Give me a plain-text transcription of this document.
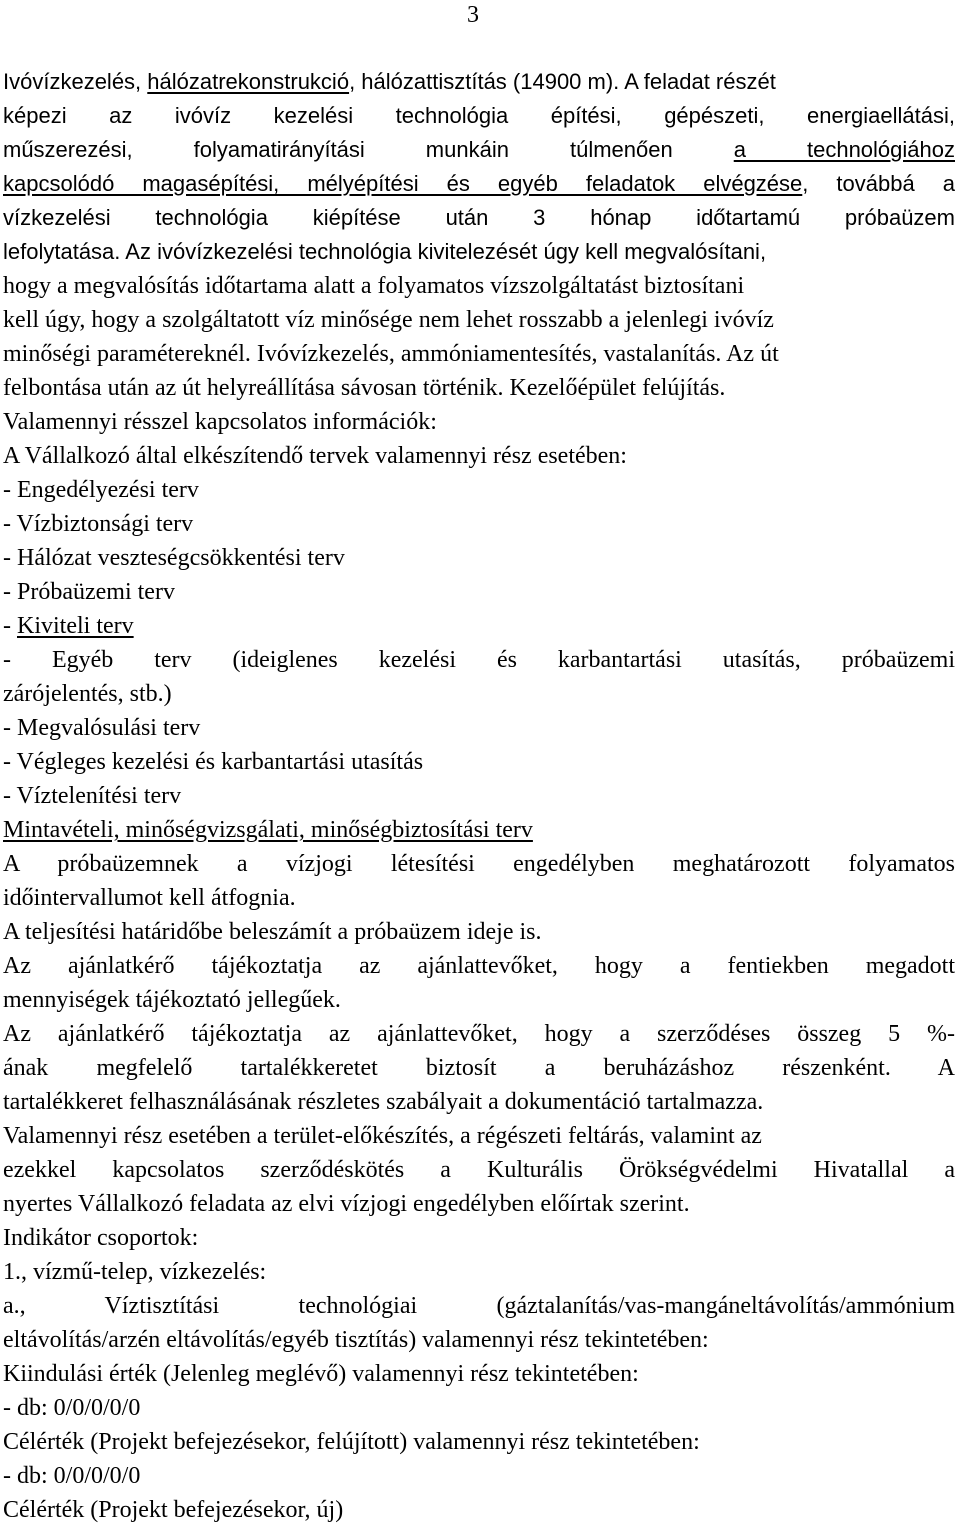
3
Ivóvízkezelés, hálózatrekonstrukció, hálózattisztítás (14900 m). A feladat részét
képezi az ivóvíz kezelési technológia építési, gépészeti, energiaellátási,
műszerezési, folyamatirányítási munkáin túlmenően a technológiához
kapcsolódó magasépítési, mélyépítési és egyéb feladatok elvégzése, továbbá a
vízkezelési technológia kiépítése után 3 hónap időtartamú próbaüzem
lefolytatása. Az ivóvízkezelési technológia kivitelezését úgy kell megvalósítani,
hogy a megvalósítás időtartama alatt a folyamatos vízszolgáltatást biztosítani
kell úgy, hogy a szolgáltatott víz minősége nem lehet rosszabb a jelenlegi ivóvíz
minőségi paramétereknél. Ivóvízkezelés, ammóniamentesítés, vastalanítás. Az út
felbontása után az út helyreállítása sávosan történik. Kezelőépület felújítás.
Valamennyi résszel kapcsolatos információk:
A Vállalkozó által elkészítendő tervek valamennyi rész esetében:
- Engedélyezési terv
- Vízbiztonsági terv
- Hálózat veszteségcsökkentési terv
- Próbaüzemi terv
- Kiviteli terv
- Egyéb terv (ideiglenes kezelési és karbantartási utasítás, próbaüzemi
zárójelentés, stb.)
- Megvalósulási terv
- Végleges kezelési és karbantartási utasítás
- Víztelenítési terv
Mintavételi, minőségvizsgálati, minőségbiztosítási terv
A próbaüzemnek a vízjogi létesítési engedélyben meghatározott folyamatos
időintervallumot kell átfognia.
A teljesítési határidőbe beleszámít a próbaüzem ideje is.
Az ajánlatkérő tájékoztatja az ajánlattevőket, hogy a fentiekben megadott
mennyiségek tájékoztató jellegűek.
Az ajánlatkérő tájékoztatja az ajánlattevőket, hogy a szerződéses összeg 5 %-
ának megfelelő tartalékkeretet biztosít a beruházáshoz részenként. A
tartalékkeret felhasználásának részletes szabályait a dokumentáció tartalmazza.
Valamennyi rész esetében a terület-előkészítés, a régészeti feltárás, valamint az
ezekkel kapcsolatos szerződéskötés a Kulturális Örökségvédelmi Hivatallal a
nyertes Vállalkozó feladata az elvi vízjogi engedélyben előírtak szerint.
Indikátor csoportok:
1., vízmű-telep, vízkezelés:
a., Víztisztítási technológiai (gáztalanítás/vas-mangáneltávolítás/ammónium
eltávolítás/arzén eltávolítás/egyéb tisztítás) valamennyi rész tekintetében:
Kiindulási érték (Jelenleg meglévő) valamennyi rész tekintetében:
- db: 0/0/0/0/0
Célérték (Projekt befejezésekor, felújított) valamennyi rész tekintetében:
- db: 0/0/0/0/0
Célérték (Projekt befejezésekor, új)
